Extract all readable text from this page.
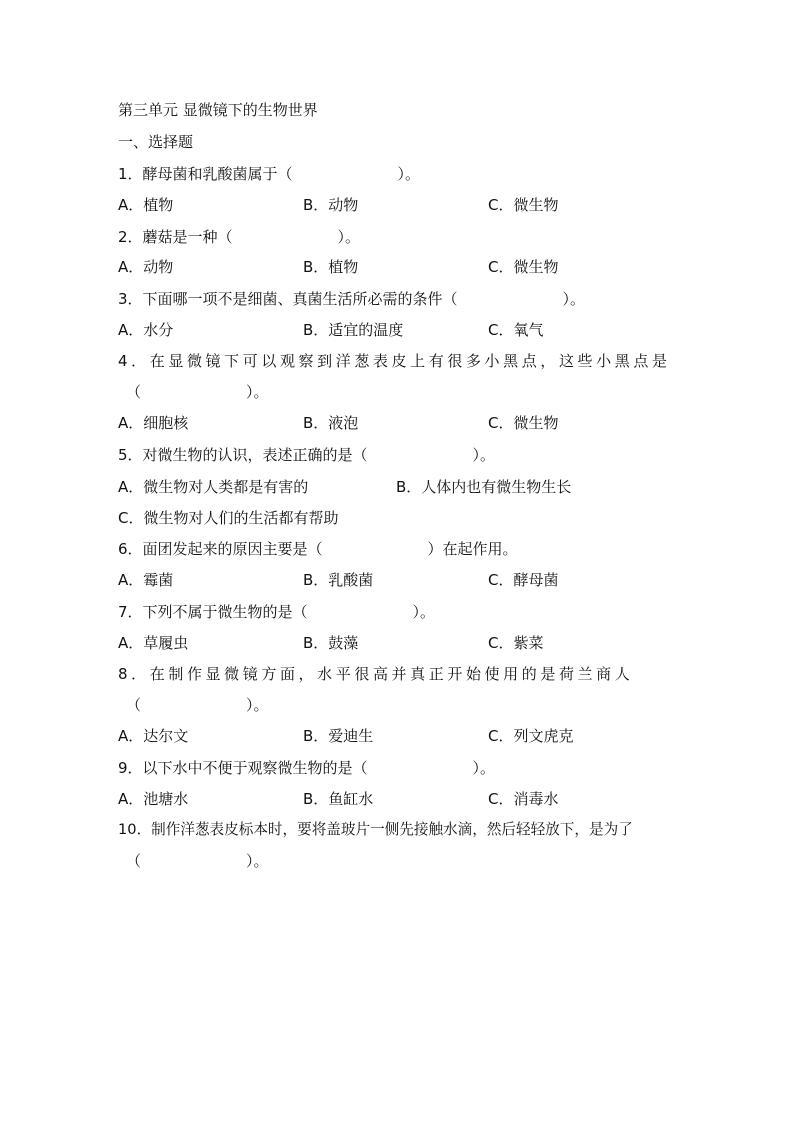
第三单元 显微镜下的生物世界
一、选择题
1．酵母菌和乳酸菌属于（　　　　　　　）。
A．植物	B．动物	C．微生物
2．蘑菇是一种（　　　　　　　）。
A．动物	B．植物	C．微生物
3．下面哪一项不是细菌、真菌生活所必需的条件（　　　　　　　）。
A．水分	B．适宜的温度	C．氧气
4．在显微镜下可以观察到洋葱表皮上有很多小黑点，这些小黑点是
（　　　　　　　）。
A．细胞核	B．液泡	C．微生物
5．对微生物的认识，表述正确的是（　　　　　　　）。
A．微生物对人类都是有害的	B．人体内也有微生物生长
C．微生物对人们的生活都有帮助
6．面团发起来的原因主要是（　　　　　　　）在起作用。
A．霉菌	B．乳酸菌	C．酵母菌
7．下列不属于微生物的是（　　　　　　　）。
A．草履虫	B．鼓藻	C．紫菜
8．在制作显微镜方面，水平很高并真正开始使用的是荷兰商人
（　　　　　　　）。
A．达尔文	B．爱迪生	C．列文虎克
9．以下水中不便于观察微生物的是（　　　　　　　）。
A．池塘水	B．鱼缸水	C．消毒水
10．制作洋葱表皮标本时，要将盖玻片一侧先接触水滴，然后轻轻放下，是为了
（　　　　　　　）。
